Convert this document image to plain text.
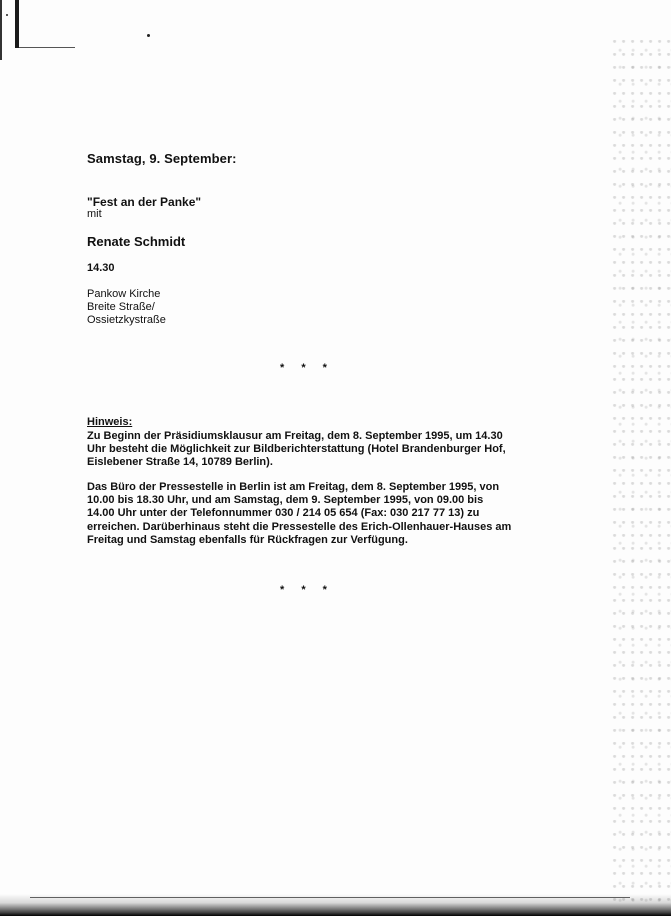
Samstag, 9. September:
"Fest an der Panke"
mit
Renate Schmidt
14.30
Pankow Kirche
Breite Straße/
Ossietzkystraße
* * *
Hinweis:
Zu Beginn der Präsidiumsklausur am Freitag, dem 8. September 1995, um 14.30
Uhr besteht die Möglichkeit zur Bildberichterstattung (Hotel Brandenburger Hof,
Eislebener Straße 14, 10789 Berlin).
Das Büro der Pressestelle in Berlin ist am Freitag, dem 8. September 1995, von
10.00 bis 18.30 Uhr, und am Samstag, dem 9. September 1995, von 09.00 bis
14.00 Uhr unter der Telefonnummer 030 / 214 05 654 (Fax: 030 217 77 13) zu
erreichen. Darüberhinaus steht die Pressestelle des Erich-Ollenhauer-Hauses am
Freitag und Samstag ebenfalls für Rückfragen zur Verfügung.
* * *
